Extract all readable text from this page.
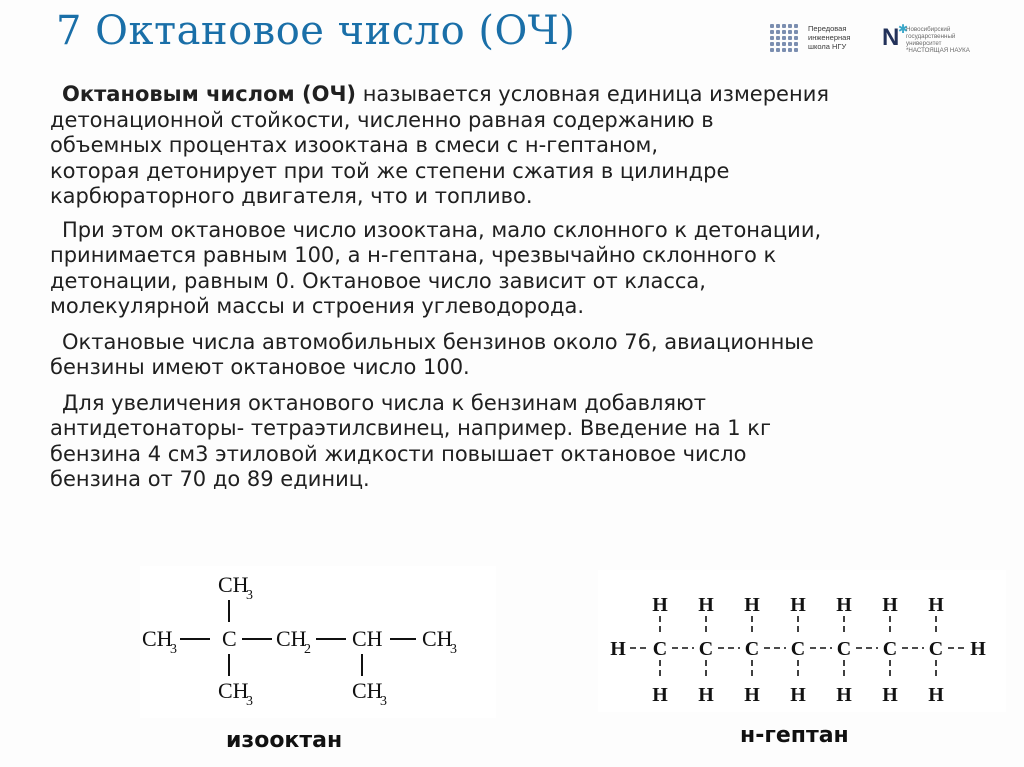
7 Октановое число (ОЧ)	Передовая
инженерная
школа НГУ	N
✱
Новосибирский
государственный
университет
*НАСТОЯЩАЯ НАУКА

Октановым числом (ОЧ) называется условная единица измерения
детонационной стойкости, численно равная содержанию в
объемных процентах изооктана в смеси с н-гептаном,
которая детонирует при той же степени сжатия в цилиндре
карбюраторного двигателя, что и топливо.

При этом октановое число изооктана, мало склонного к детонации,
принимается равным 100, а н-гептана, чрезвычайно склонного к
детонации, равным 0. Октановое число зависит от класса,
молекулярной массы и строения углеводорода.

Октановые числа автомобильных бензинов около 76, авиационные
бензины имеют октановое число 100.

Для увеличения октанового числа к бензинам добавляют
антидетонаторы- тетраэтилсвинец, например. Введение на 1 кг
бензина 4 см3 этиловой жидкости повышает октановое число
бензина от 70 до 89 единиц.

CH
3
CH
3 C CH
2 CH CH
3
CH
3	CH
3
H
H
C
H
H
C
H
H
C
H
H
C
H
H
C
H
H
C
H
H
C
H
H
изооктан	н-гептан
